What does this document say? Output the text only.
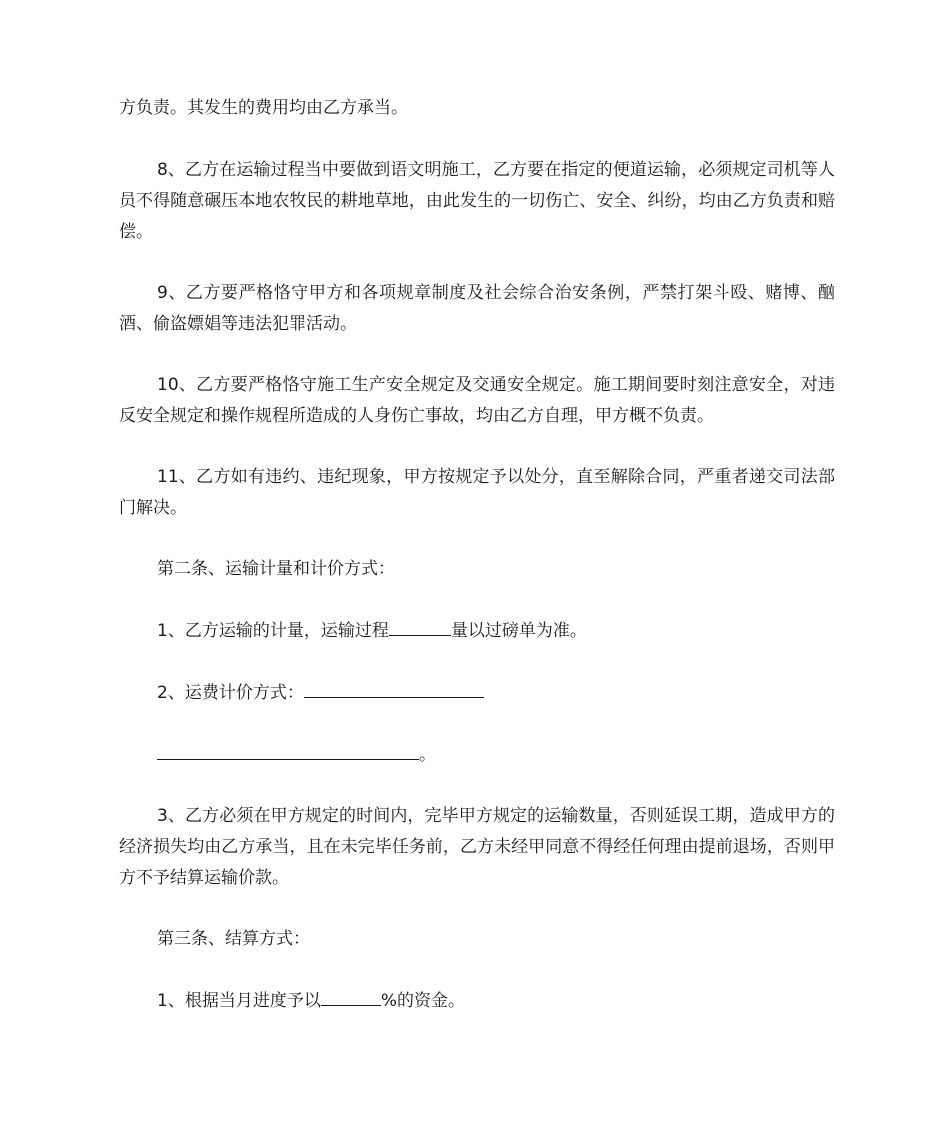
方负责。其发生的费用均由乙方承当。

8、乙方在运输过程当中要做到语文明施工，乙方要在指定的便道运输，必须规定司机等人员不得随意碾压本地农牧民的耕地草地，由此发生的一切伤亡、安全、纠纷，均由乙方负责和赔偿。

9、乙方要严格恪守甲方和各项规章制度及社会综合治安条例，严禁打架斗殴、赌博、酗酒、偷盗嫖娼等违法犯罪活动。

10、乙方要严格恪守施工生产安全规定及交通安全规定。施工期间要时刻注意安全，对违反安全规定和操作规程所造成的人身伤亡事故，均由乙方自理，甲方概不负责。

11、乙方如有违约、违纪现象，甲方按规定予以处分，直至解除合同，严重者递交司法部门解决。

第二条、运输计量和计价方式：

1、乙方运输的计量，运输过程	量以过磅单为准。

2、运费计价方式：

。

3、乙方必须在甲方规定的时间内，完毕甲方规定的运输数量，否则延误工期，造成甲方的经济损失均由乙方承当，且在未完毕任务前，乙方未经甲同意不得经任何理由提前退场，否则甲方不予结算运输价款。

第三条、结算方式：

1、根据当月进度予以	%的资金。
